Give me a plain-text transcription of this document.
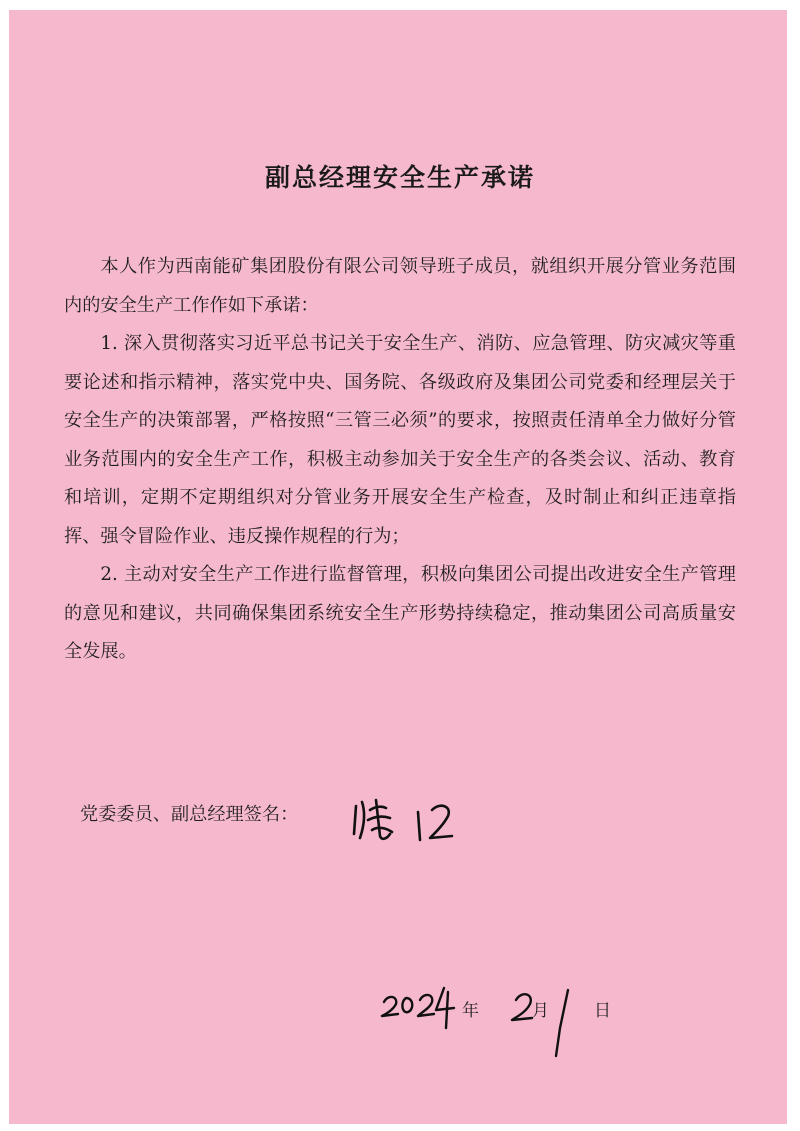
副总经理安全生产承诺

本人作为西南能矿集团股份有限公司领导班子成员，就组织开展分管业务范围内的安全生产工作作如下承诺：

1. 深入贯彻落实习近平总书记关于安全生产、消防、应急管理、防灾减灾等重要论述和指示精神，落实党中央、国务院、各级政府及集团公司党委和经理层关于安全生产的决策部署，严格按照“三管三必须”的要求，按照责任清单全力做好分管业务范围内的安全生产工作，积极主动参加关于安全生产的各类会议、活动、教育和培训，定期不定期组织对分管业务开展安全生产检查，及时制止和纠正违章指挥、强令冒险作业、违反操作规程的行为；

2. 主动对安全生产工作进行监督管理，积极向集团公司提出改进安全生产管理的意见和建议，共同确保集团系统安全生产形势持续稳定，推动集团公司高质量安全发展。

党委委员、副总经理签名：
年	月	日
